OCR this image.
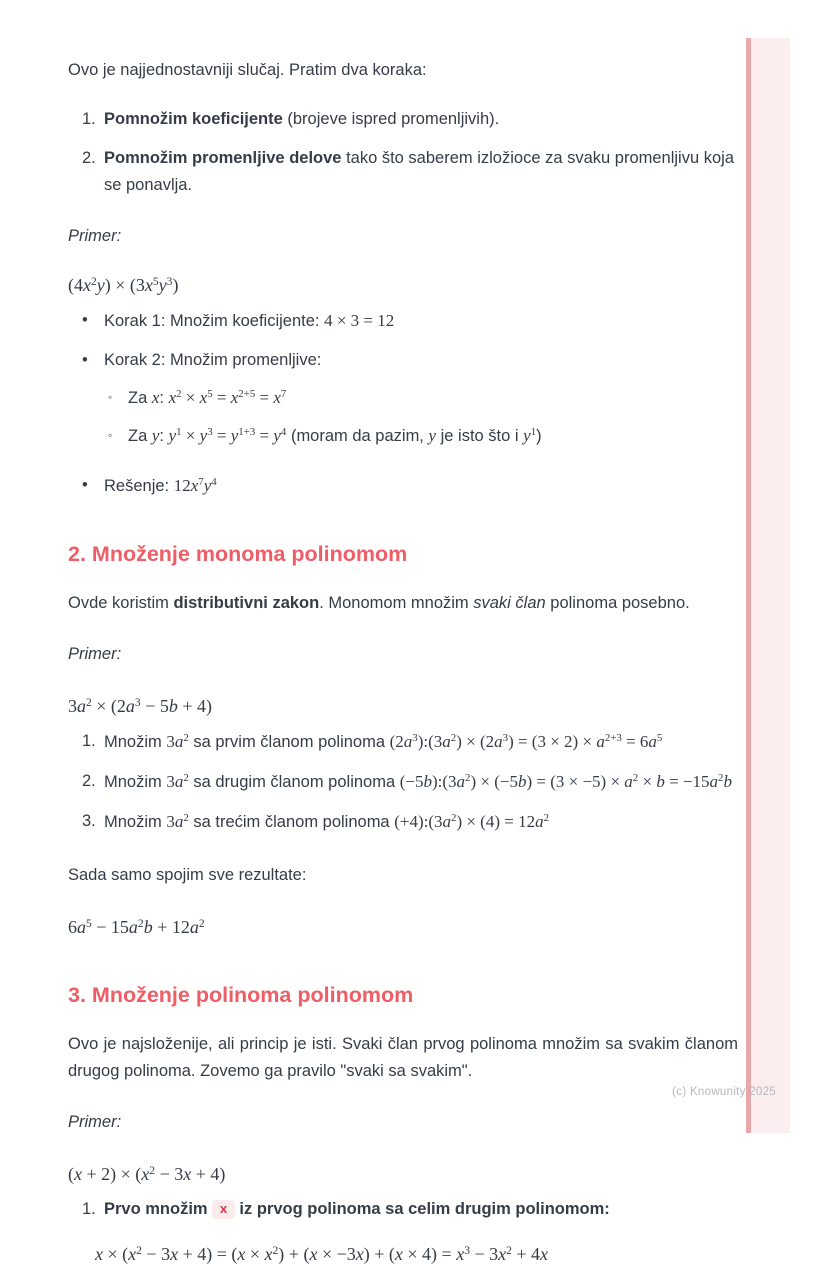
Ovo je najjednostavniji slučaj. Pratim dva koraka:

1. Pomnožim koeficijente (brojeve ispred promenljivih).
2. Pomnožim promenljive delove tako što saberem izložioce za svaku promenljivu koja se ponavlja.

Primer:

$(4x^2y) \times (3x^5y^3)$
• Korak 1: Množim koeficijente: 4 × 3 = 12
• Korak 2: Množim promenljive:
◦ Za x: $x^2 \times x^5 = x^{2+5} = x^7$
◦ Za y: $y^1 \times y^3 = y^{1+3} = y^4$ (moram da pazim, y je isto što i $y^1$)
• Rešenje: $12x^7y^4$
2. Množenje monoma polinomom

Ovde koristim distributivni zakon. Monomom množim svaki član polinoma posebno.

Primer:

$3a^2 \times (2a^3 - 5b + 4)$
1. Množim $3a^2$ sa prvim članom polinoma $(2a^3):(3a^2) \times (2a^3) = (3 \times 2) \times a^{2+3} = 6a^5$
2. Množim $3a^2$ sa drugim članom polinoma $(-5b):(3a^2) \times (-5b) = (3 \times -5) \times a^2 \times b = -15a^2b$
3. Množim $3a^2$ sa trećim članom polinoma $(+4):(3a^2) \times (4) = 12a^2$

Sada samo spojim sve rezultate:

$6a^5 - 15a^2b + 12a^2$
3. Množenje polinoma polinomom

Ovo je najsloženije, ali princip je isti. Svaki član prvog polinoma množim sa svakim članom drugog polinoma. Zovemo ga pravilo "svaki sa svakim".

Primer:

$(x + 2) \times (x^2 - 3x + 4)$
1. Prvo množim x iz prvog polinoma sa celim drugim polinomom:
$x \times (x^2 - 3x + 4) = (x \times x^2) + (x \times -3x) + (x \times 4) = x^3 - 3x^2 + 4x$
(c) Knowunity 2025
